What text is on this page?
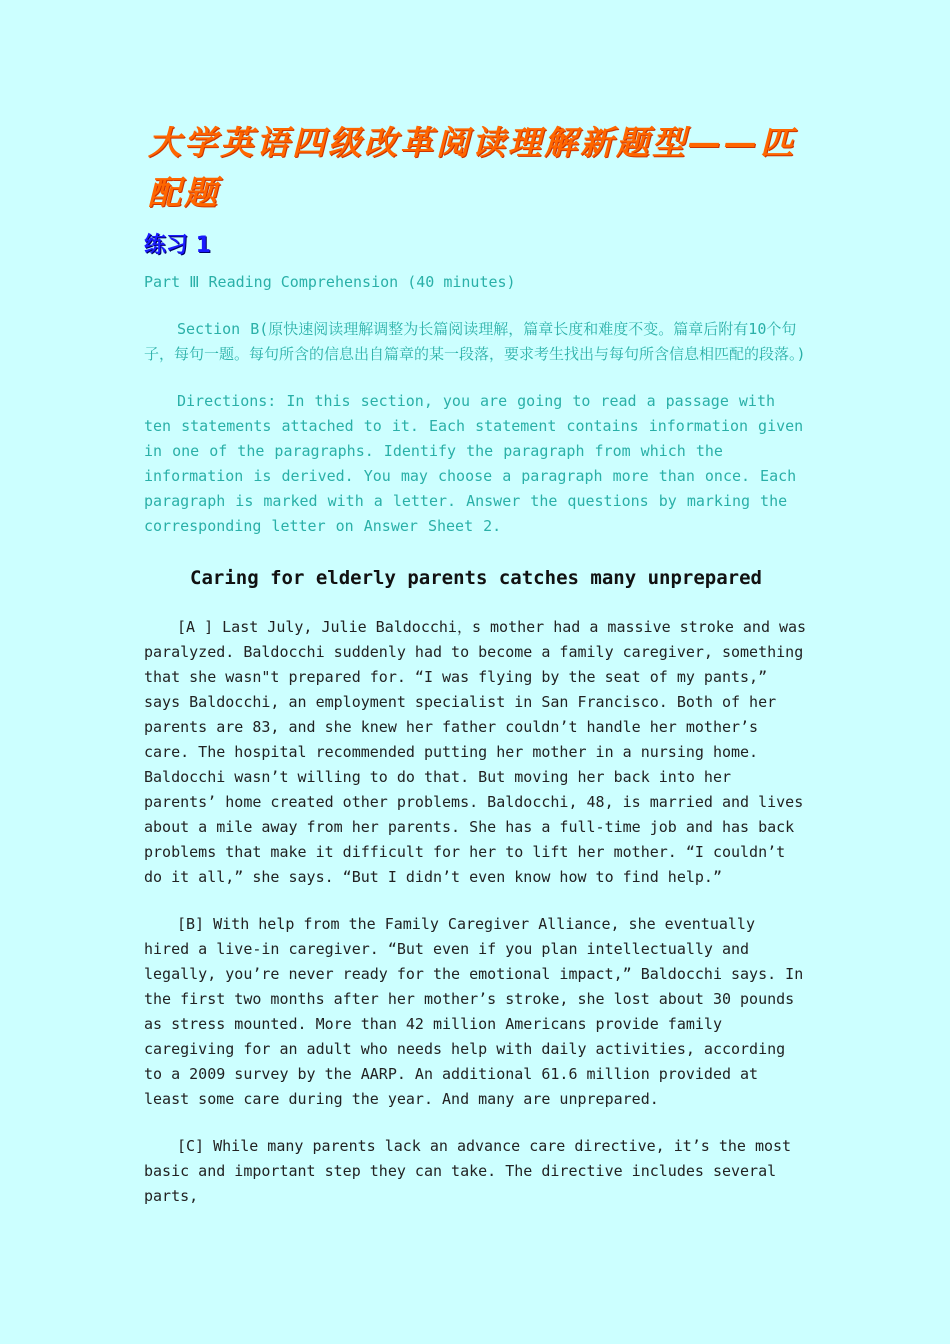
大学英语四级改革阅读理解新题型——匹配题
练习 1
Part Ⅲ Reading Comprehension (40 minutes)

Section B(原快速阅读理解调整为长篇阅读理解，篇章长度和难度不变。篇章后附有10个句子，每句一题。每句所含的信息出自篇章的某一段落，要求考生找出与每句所含信息相匹配的段落。)

Directions: In this section, you are going to read a passage with ten statements attached to it. Each statement contains information given in one of the paragraphs. Identify the paragraph from which the information is derived. You may choose a paragraph more than once. Each paragraph is marked with a letter. Answer the questions by marking the corresponding letter on Answer Sheet 2.

Caring for elderly parents catches many unprepared

[A ] Last July, Julie Baldocchi，s mother had a massive stroke and was paralyzed. Baldocchi suddenly had to become a family caregiver, something that she wasn"t prepared for. “I was flying by the seat of my pants,” says Baldocchi, an employment specialist in San Francisco. Both of her parents are 83, and she knew her father couldn’t handle her mother’s care. The hospital recommended putting her mother in a nursing home. Baldocchi wasn’t willing to do that. But moving her back into her parents’ home created other problems. Baldocchi, 48, is married and lives about a mile away from her parents. She has a full-time job and has back problems that make it difficult for her to lift her mother. “I couldn’t do it all,” she says. “But I didn’t even know how to find help.”

[B] With help from the Family Caregiver Alliance, she eventually hired a live-in caregiver. “But even if you plan intellectually and legally, you’re never ready for the emotional impact,” Baldocchi says. In the first two months after her mother’s stroke, she lost about 30 pounds as stress mounted. More than 42 million Americans provide family caregiving for an adult who needs help with daily activities, according to a 2009 survey by the AARP. An additional 61.6 million provided at least some care during the year. And many are unprepared.

[C] While many parents lack an advance care directive, it’s the most basic and important step they can take. The directive includes several parts,
